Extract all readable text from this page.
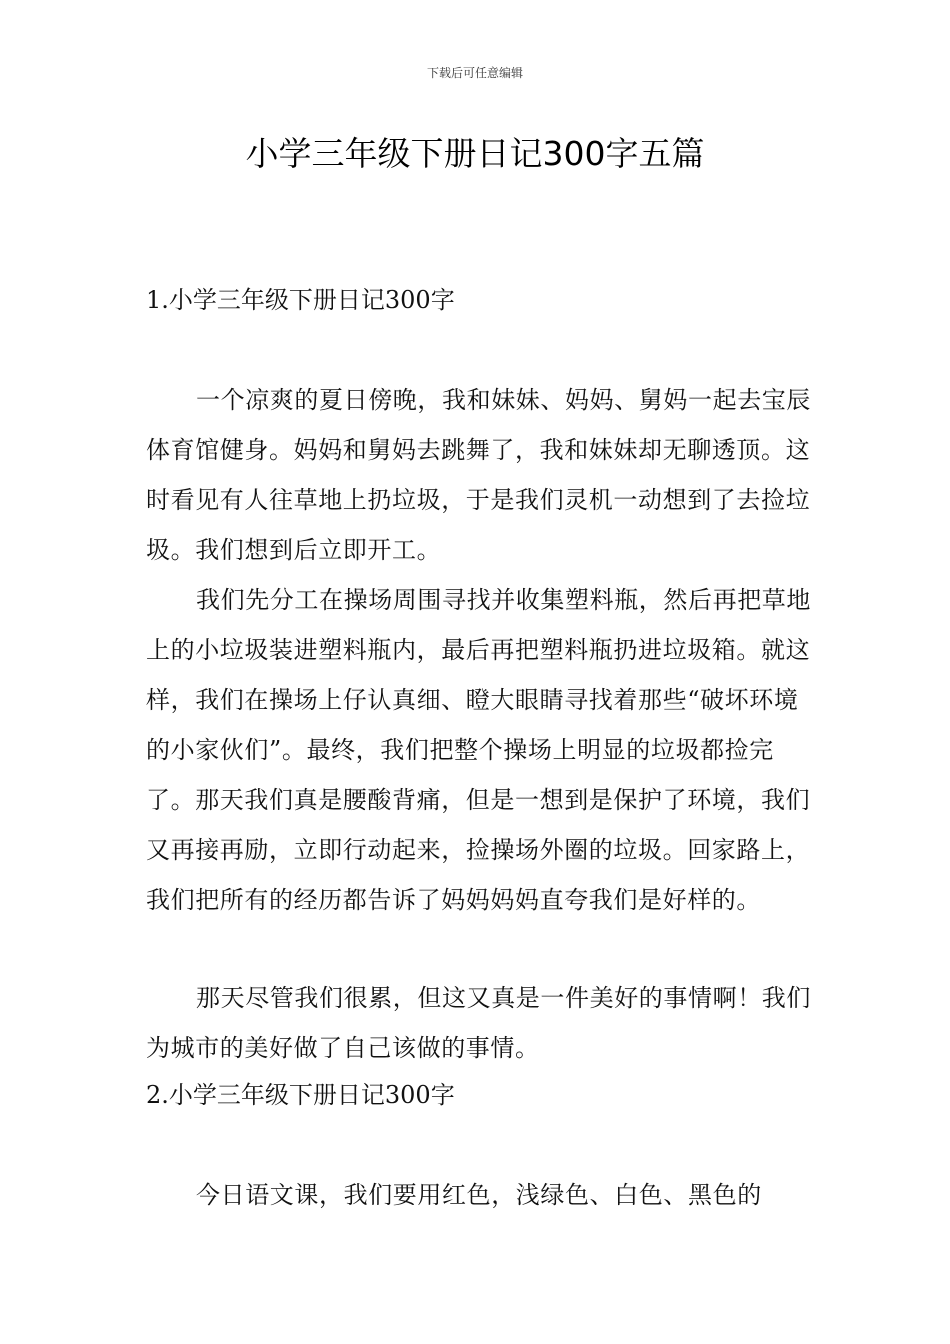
下载后可任意编辑
小学三年级下册日记300字五篇
1.小学三年级下册日记300字

一个凉爽的夏日傍晚，我和妹妹、妈妈、舅妈一起去宝辰体育馆健身。妈妈和舅妈去跳舞了，我和妹妹却无聊透顶。这时看见有人往草地上扔垃圾，于是我们灵机一动想到了去捡垃圾。我们想到后立即开工。

我们先分工在操场周围寻找并收集塑料瓶，然后再把草地上的小垃圾装进塑料瓶内，最后再把塑料瓶扔进垃圾箱。就这样，我们在操场上仔认真细、瞪大眼睛寻找着那些“破坏环境的小家伙们”。最终，我们把整个操场上明显的垃圾都捡完了。那天我们真是腰酸背痛，但是一想到是保护了环境，我们又再接再励，立即行动起来，捡操场外圈的垃圾。回家路上，我们把所有的经历都告诉了妈妈妈妈直夸我们是好样的。

那天尽管我们很累，但这又真是一件美好的事情啊！我们为城市的美好做了自己该做的事情。

2.小学三年级下册日记300字

今日语文课，我们要用红色，浅绿色、白色、黑色的
